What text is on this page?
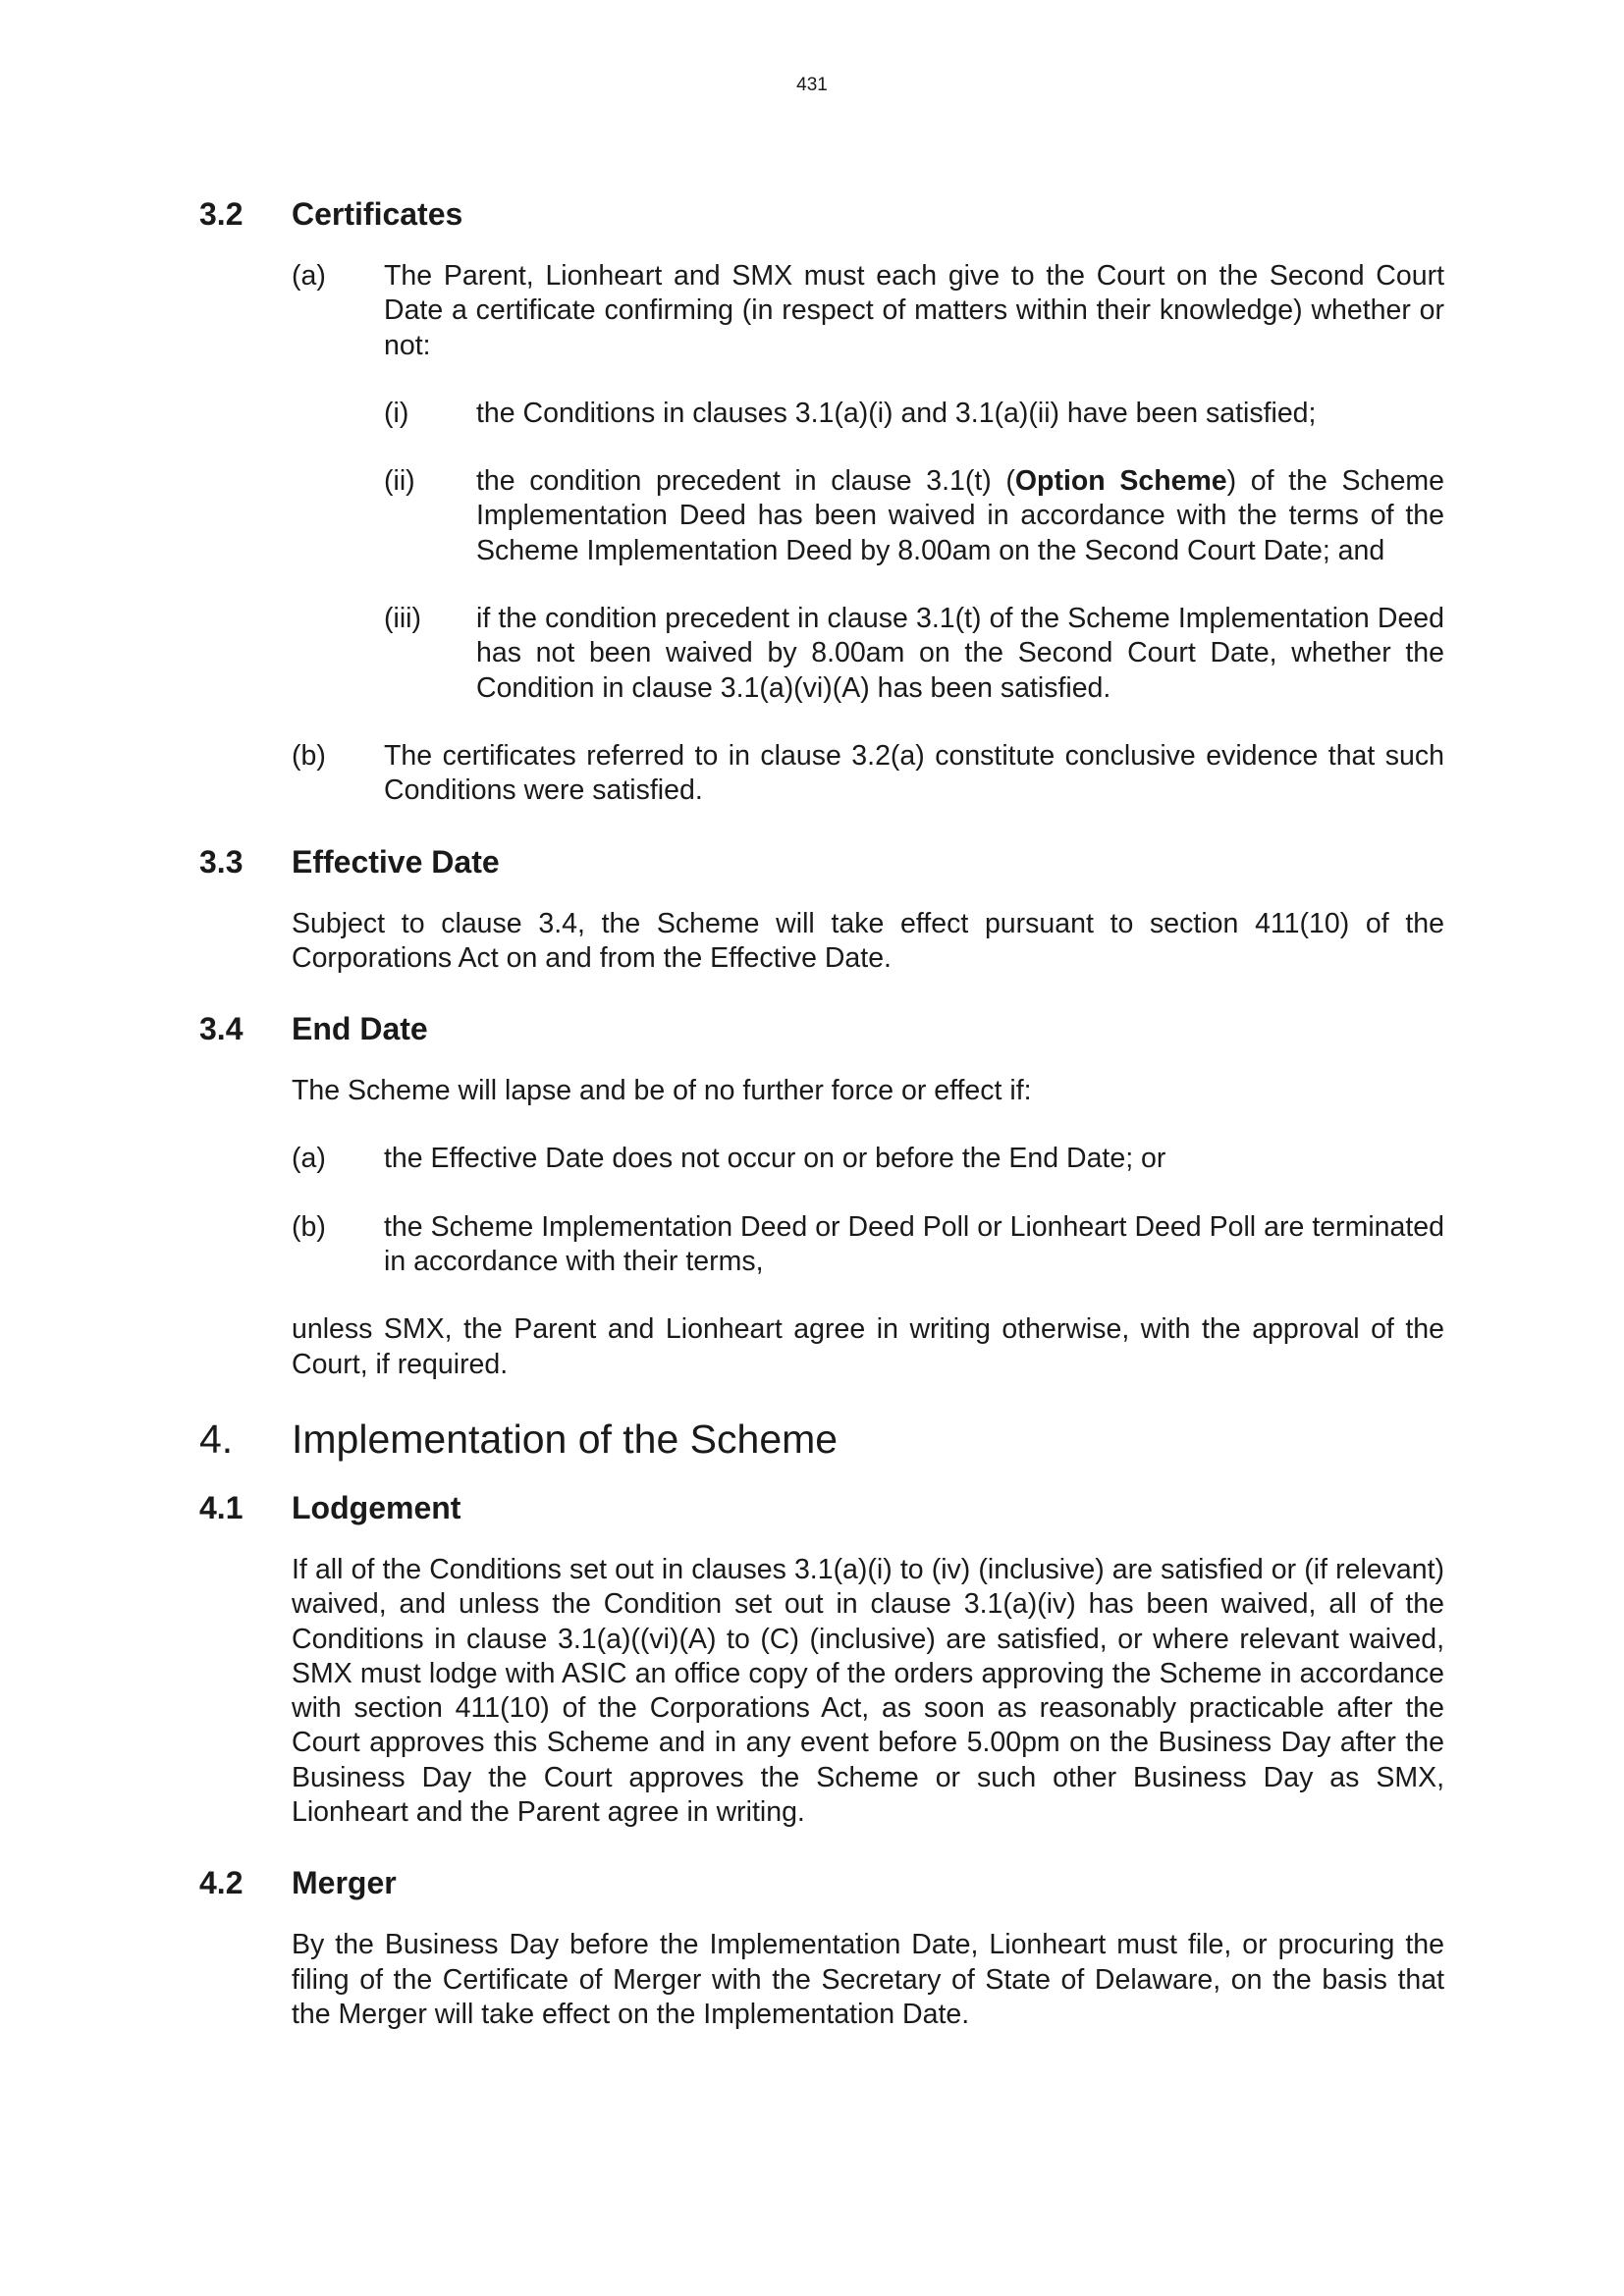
431
3.2	Certificates
(a)	The Parent, Lionheart and SMX must each give to the Court on the Second Court Date a certificate confirming (in respect of matters within their knowledge) whether or not:
(i)	the Conditions in clauses 3.1(a)(i) and 3.1(a)(ii) have been satisfied;
(ii)	the condition precedent in clause 3.1(t) (Option Scheme) of the Scheme Implementation Deed has been waived in accordance with the terms of the Scheme Implementation Deed by 8.00am on the Second Court Date; and
(iii)	if the condition precedent in clause 3.1(t) of the Scheme Implementation Deed has not been waived by 8.00am on the Second Court Date, whether the Condition in clause 3.1(a)(vi)(A) has been satisfied.
(b)	The certificates referred to in clause 3.2(a) constitute conclusive evidence that such Conditions were satisfied.
3.3	Effective Date

Subject to clause 3.4, the Scheme will take effect pursuant to section 411(10) of the Corporations Act on and from the Effective Date.

3.4	End Date

The Scheme will lapse and be of no further force or effect if:

(a)	the Effective Date does not occur on or before the End Date; or
(b)	the Scheme Implementation Deed or Deed Poll or Lionheart Deed Poll are terminated in accordance with their terms,

unless SMX, the Parent and Lionheart agree in writing otherwise, with the approval of the Court, if required.

4.	Implementation of the Scheme
4.1	Lodgement

If all of the Conditions set out in clauses 3.1(a)(i) to (iv) (inclusive) are satisfied or (if relevant) waived, and unless the Condition set out in clause 3.1(a)(iv) has been waived, all of the Conditions in clause 3.1(a)((vi)(A) to (C) (inclusive) are satisfied, or where relevant waived, SMX must lodge with ASIC an office copy of the orders approving the Scheme in accordance with section 411(10) of the Corporations Act, as soon as reasonably practicable after the Court approves this Scheme and in any event before 5.00pm on the Business Day after the Business Day the Court approves the Scheme or such other Business Day as SMX, Lionheart and the Parent agree in writing.

4.2	Merger

By the Business Day before the Implementation Date, Lionheart must file, or procuring the filing of the Certificate of Merger with the Secretary of State of Delaware, on the basis that the Merger will take effect on the Implementation Date.
